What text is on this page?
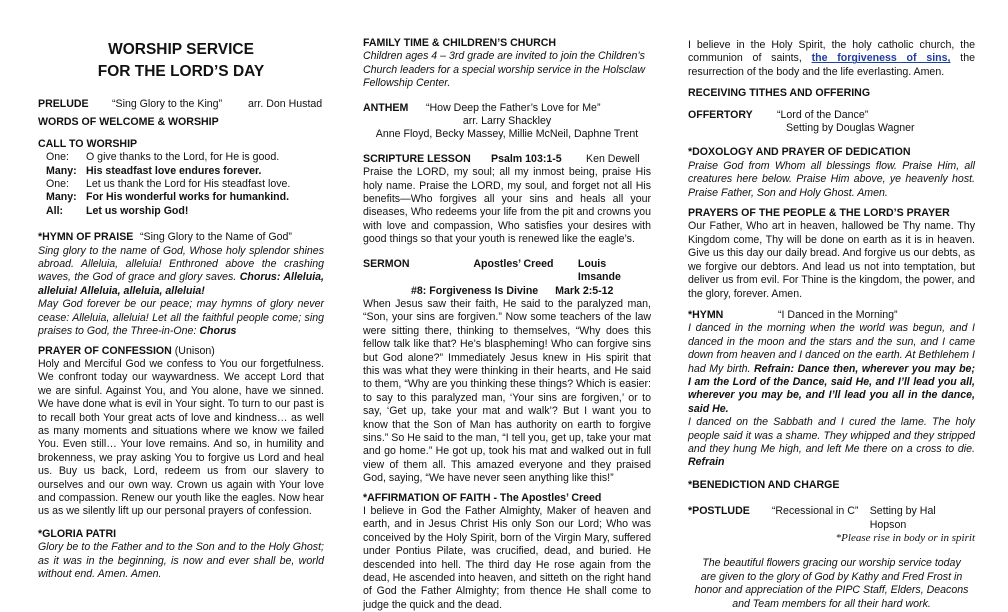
WORSHIP SERVICE
FOR THE LORD’S DAY
PRELUDE	“Sing Glory to the King”	arr. Don Hustad
WORDS OF WELCOME & WORSHIP
CALL TO WORSHIP
One:	O give thanks to the Lord, for He is good.
Many: His steadfast love endures forever.
One:	Let us thank the Lord for His steadfast love.
Many: For His wonderful works for humankind.
All:	Let us worship God!
*HYMN OF PRAISE “Sing Glory to the Name of God”

Sing glory to the name of God, Whose holy splendor shines abroad. Alleluia, alleluia! Enthroned above the crashing waves, the God of grace and glory saves. Chorus: Alleluia, alleluia! Alleluia, alleluia, alleluia!

May God forever be our peace; may hymns of glory never cease: Alleluia, alleluia! Let all the faithful people come; sing praises to God, the Three-in-One: Chorus

PRAYER OF CONFESSION (Unison)

Holy and Merciful God we confess to You our forgetfulness. We confront today our waywardness. We accept Lord that we are sinful. Against You, and You alone, have we sinned. We have done what is evil in Your sight. To turn to our past is to recall both Your great acts of love and kindness… as well as many moments and situations where we know we failed You. Even still… Your love remains. And so, in humility and brokenness, we pray asking You to forgive us Lord and heal us. Buy us back, Lord, redeem us from our slavery to ourselves and our own way. Crown us again with Your love and compassion. Renew our youth like the eagles. Now hear us as we silently lift up our personal prayers of confession.

*GLORIA PATRI

Glory be to the Father and to the Son and to the Holy Ghost; as it was in the beginning, is now and ever shall be, world without end. Amen. Amen.

FAMILY TIME & CHILDREN’S CHURCH

Children ages 4 – 3rd grade are invited to join the Children’s Church leaders for a special worship service in the Holsclaw Fellowship Center.

ANTHEM	“How Deep the Father’s Love for Me”
arr. Larry Shackley
Anne Floyd, Becky Massey, Millie McNeil, Daphne Trent
SCRIPTURE LESSON	Psalm 103:1-5	Ken Dewell

Praise the LORD, my soul; all my inmost being, praise His holy name. Praise the LORD, my soul, and forget not all His benefits—Who forgives all your sins and heals all your diseases, Who redeems your life from the pit and crowns you with love and compassion, Who satisfies your desires with good things so that your youth is renewed like the eagle’s.

SERMON	Apostles’ Creed	Louis Imsande
#8: Forgiveness Is Divine Mark 2:5-12

When Jesus saw their faith, He said to the paralyzed man, “Son, your sins are forgiven.” Now some teachers of the law were sitting there, thinking to themselves, “Why does this fellow talk like that? He’s blaspheming! Who can forgive sins but God alone?” Immediately Jesus knew in His spirit that this was what they were thinking in their hearts, and He said to them, “Why are you thinking these things? Which is easier: to say to this paralyzed man, ‘Your sins are forgiven,’ or to say, ‘Get up, take your mat and walk’? But I want you to know that the Son of Man has authority on earth to forgive sins.” So He said to the man, “I tell you, get up, take your mat and go home.” He got up, took his mat and walked out in full view of them all. This amazed everyone and they praised God, saying, “We have never seen anything like this!”

*AFFIRMATION OF FAITH - The Apostles’ Creed

I believe in God the Father Almighty, Maker of heaven and earth, and in Jesus Christ His only Son our Lord; Who was conceived by the Holy Spirit, born of the Virgin Mary, suffered under Pontius Pilate, was crucified, dead, and buried. He descended into hell. The third day He rose again from the dead, He ascended into heaven, and sitteth on the right hand of God the Father Almighty; from thence He shall come to judge the quick and the dead.

I believe in the Holy Spirit, the holy catholic church, the communion of saints, the forgiveness of sins, the resurrection of the body and the life everlasting. Amen.

RECEIVING TITHES AND OFFERING
OFFERTORY	“Lord of the Dance”
Setting by Douglas Wagner
*DOXOLOGY AND PRAYER OF DEDICATION

Praise God from Whom all blessings flow. Praise Him, all creatures here below. Praise Him above, ye heavenly host. Praise Father, Son and Holy Ghost. Amen.

PRAYERS OF THE PEOPLE & THE LORD’S PRAYER

Our Father, Who art in heaven, hallowed be Thy name. Thy Kingdom come, Thy will be done on earth as it is in heaven. Give us this day our daily bread. And forgive us our debts, as we forgive our debtors. And lead us not into temptation, but deliver us from evil. For Thine is the kingdom, the power, and the glory, forever. Amen.

*HYMN	“I Danced in the Morning”

I danced in the morning when the world was begun, and I danced in the moon and the stars and the sun, and I came down from heaven and I danced on the earth. At Bethlehem I had My birth. Refrain: Dance then, wherever you may be; I am the Lord of the Dance, said He, and I’ll lead you all, wherever you may be, and I’ll lead you all in the dance, said He.

I danced on the Sabbath and I cured the lame. The holy people said it was a shame. They whipped and they stripped and they hung Me high, and left Me there on a cross to die. Refrain

*BENEDICTION AND CHARGE
*POSTLUDE	“Recessional in C”	Setting by Hal Hopson
*Please rise in body or in spirit

The beautiful flowers gracing our worship service today are given to the glory of God by Kathy and Fred Frost in honor and appreciation of the PIPC Staff, Elders, Deacons and Team members for all their hard work.
